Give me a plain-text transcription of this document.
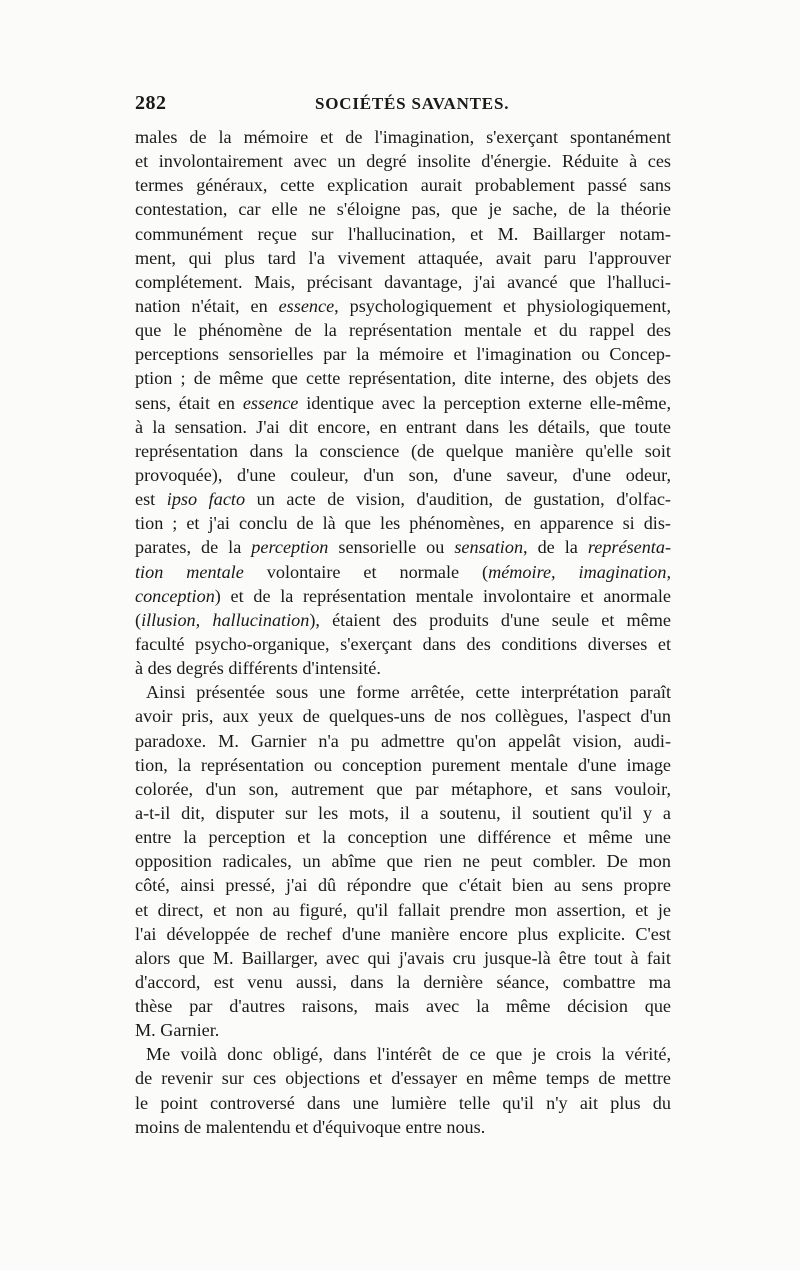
282	SOCIÉTÉS SAVANTES.
males de la mémoire et de l'imagination, s'exerçant spontanément
et involontairement avec un degré insolite d'énergie. Réduite à ces
termes généraux, cette explication aurait probablement passé sans
contestation, car elle ne s'éloigne pas, que je sache, de la théorie
communément reçue sur l'hallucination, et M. Baillarger notam-
ment, qui plus tard l'a vivement attaquée, avait paru l'approuver
complétement. Mais, précisant davantage, j'ai avancé que l'halluci-
nation n'était, en essence, psychologiquement et physiologiquement,
que le phénomène de la représentation mentale et du rappel des
perceptions sensorielles par la mémoire et l'imagination ou Concep-
ption ; de même que cette représentation, dite interne, des objets des
sens, était en essence identique avec la perception externe elle-même,
à la sensation. J'ai dit encore, en entrant dans les détails, que toute
représentation dans la conscience (de quelque manière qu'elle soit
provoquée), d'une couleur, d'un son, d'une saveur, d'une odeur,
est ipso facto un acte de vision, d'audition, de gustation, d'olfac-
tion ; et j'ai conclu de là que les phénomènes, en apparence si dis-
parates, de la perception sensorielle ou sensation, de la représenta-
tion mentale volontaire et normale (mémoire, imagination,
conception) et de la représentation mentale involontaire et anormale
(illusion, hallucination), étaient des produits d'une seule et même
faculté psycho-organique, s'exerçant dans des conditions diverses et
à des degrés différents d'intensité.
Ainsi présentée sous une forme arrêtée, cette interprétation paraît
avoir pris, aux yeux de quelques-uns de nos collègues, l'aspect d'un
paradoxe. M. Garnier n'a pu admettre qu'on appelât vision, audi-
tion, la représentation ou conception purement mentale d'une image
colorée, d'un son, autrement que par métaphore, et sans vouloir,
a-t-il dit, disputer sur les mots, il a soutenu, il soutient qu'il y a
entre la perception et la conception une différence et même une
opposition radicales, un abîme que rien ne peut combler. De mon
côté, ainsi pressé, j'ai dû répondre que c'était bien au sens propre
et direct, et non au figuré, qu'il fallait prendre mon assertion, et je
l'ai développée de rechef d'une manière encore plus explicite. C'est
alors que M. Baillarger, avec qui j'avais cru jusque-là être tout à fait
d'accord, est venu aussi, dans la dernière séance, combattre ma
thèse par d'autres raisons, mais avec la même décision que
M. Garnier.
Me voilà donc obligé, dans l'intérêt de ce que je crois la vérité,
de revenir sur ces objections et d'essayer en même temps de mettre
le point controversé dans une lumière telle qu'il n'y ait plus du
moins de malentendu et d'équivoque entre nous.
